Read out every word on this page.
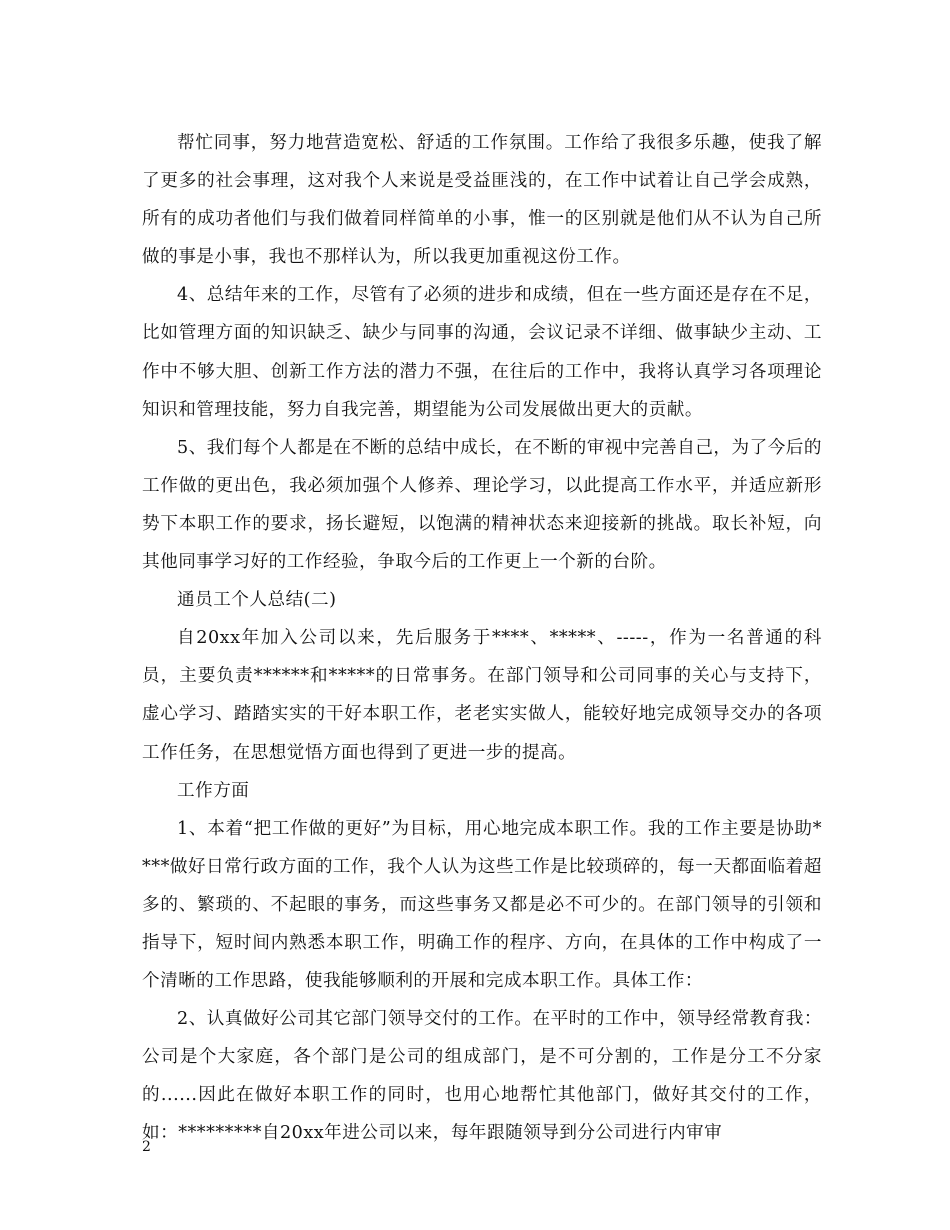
帮忙同事，努力地营造宽松、舒适的工作氛围。工作给了我很多乐趣，使我了解了更多的社会事理，这对我个人来说是受益匪浅的，在工作中试着让自己学会成熟，所有的成功者他们与我们做着同样简单的小事，惟一的区别就是他们从不认为自己所做的事是小事，我也不那样认为，所以我更加重视这份工作。

4、总结年来的工作，尽管有了必须的进步和成绩，但在一些方面还是存在不足，比如管理方面的知识缺乏、缺少与同事的沟通，会议记录不详细、做事缺少主动、工作中不够大胆、创新工作方法的潜力不强，在往后的工作中，我将认真学习各项理论知识和管理技能，努力自我完善，期望能为公司发展做出更大的贡献。

5、我们每个人都是在不断的总结中成长，在不断的审视中完善自己，为了今后的工作做的更出色，我必须加强个人修养、理论学习，以此提高工作水平，并适应新形势下本职工作的要求，扬长避短，以饱满的精神状态来迎接新的挑战。取长补短，向其他同事学习好的工作经验，争取今后的工作更上一个新的台阶。

通员工个人总结(二)

自20xx年加入公司以来，先后服务于****、*****、-----，作为一名普通的科员，主要负责******和*****的日常事务。在部门领导和公司同事的关心与支持下，虚心学习、踏踏实实的干好本职工作，老老实实做人，能较好地完成领导交办的各项工作任务，在思想觉悟方面也得到了更进一步的提高。

工作方面

1、本着“把工作做的更好”为目标，用心地完成本职工作。我的工作主要是协助****做好日常行政方面的工作，我个人认为这些工作是比较琐碎的，每一天都面临着超多的、繁琐的、不起眼的事务，而这些事务又都是必不可少的。在部门领导的引领和指导下，短时间内熟悉本职工作，明确工作的程序、方向，在具体的工作中构成了一个清晰的工作思路，使我能够顺利的开展和完成本职工作。具体工作：

2、认真做好公司其它部门领导交付的工作。在平时的工作中，领导经常教育我：公司是个大家庭，各个部门是公司的组成部门，是不可分割的，工作是分工不分家的......因此在做好本职工作的同时，也用心地帮忙其他部门，做好其交付的工作，如：*********自20xx年进公司以来，每年跟随领导到分公司进行内审审

2
